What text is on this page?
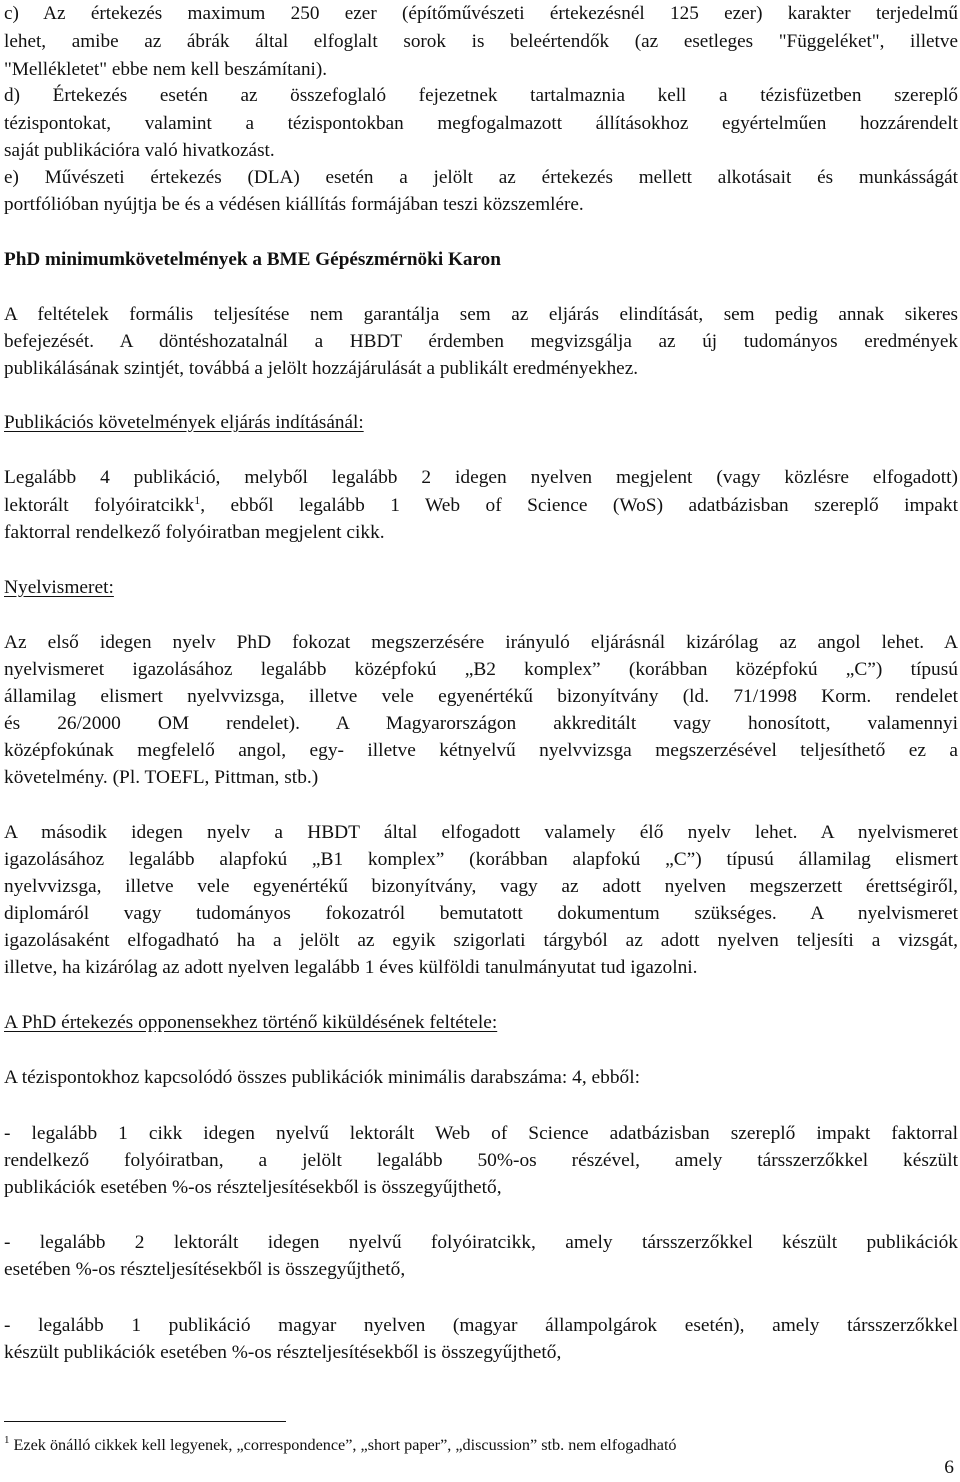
c) Az értekezés maximum 250 ezer (építőművészeti értekezésnél 125 ezer) karakter terjedelmű
lehet, amibe az ábrák által elfoglalt sorok is beleértendők (az esetleges "Függeléket", illetve
"Mellékletet" ebbe nem kell beszámítani).
d) Értekezés esetén az összefoglaló fejezetnek tartalmaznia kell a tézisfüzetben szereplő
tézispontokat, valamint a tézispontokban megfogalmazott állításokhoz egyértelműen hozzárendelt
saját publikációra való hivatkozást.
e) Művészeti értekezés (DLA) esetén a jelölt az értekezés mellett alkotásait és munkásságát
portfólióban nyújtja be és a védésen kiállítás formájában teszi közszemlére.
PhD minimumkövetelmények a BME Gépészmérnöki Karon
A feltételek formális teljesítése nem garantálja sem az eljárás elindítását, sem pedig annak sikeres
befejezését. A döntéshozatalnál a HBDT érdemben megvizsgálja az új tudományos eredmények
publikálásának szintjét, továbbá a jelölt hozzájárulását a publikált eredményekhez.
Publikációs követelmények eljárás indításánál:
Legalább 4 publikáció, melyből legalább 2 idegen nyelven megjelent (vagy közlésre elfogadott)
lektorált folyóiratcikk$^1$, ebből legalább 1 Web of Science (WoS) adatbázisban szereplő impakt
faktorral rendelkező folyóiratban megjelent cikk.
Nyelvismeret:
Az első idegen nyelv PhD fokozat megszerzésére irányuló eljárásnál kizárólag az angol lehet. A
nyelvismeret igazolásához legalább középfokú „B2 komplex” (korábban középfokú „C”) típusú
államilag elismert nyelvvizsga, illetve vele egyenértékű bizonyítvány (ld. 71/1998 Korm. rendelet
és 26/2000 OM rendelet). A Magyarországon akkreditált vagy honosított, valamennyi
középfokúnak megfelelő angol, egy- illetve kétnyelvű nyelvvizsga megszerzésével teljesíthető ez a
követelmény. (Pl. TOEFL, Pittman, stb.)
A második idegen nyelv a HBDT által elfogadott valamely élő nyelv lehet. A nyelvismeret
igazolásához legalább alapfokú „B1 komplex” (korábban alapfokú „C”) típusú államilag elismert
nyelvvizsga, illetve vele egyenértékű bizonyítvány, vagy az adott nyelven megszerzett érettségiről,
diplomáról vagy tudományos fokozatról bemutatott dokumentum szükséges. A nyelvismeret
igazolásaként elfogadható ha a jelölt az egyik szigorlati tárgyból az adott nyelven teljesíti a vizsgát,
illetve, ha kizárólag az adott nyelven legalább 1 éves külföldi tanulmányutat tud igazolni.
A PhD értekezés opponensekhez történő kiküldésének feltétele:
A tézispontokhoz kapcsolódó összes publikációk minimális darabszáma: 4, ebből:
- legalább 1 cikk idegen nyelvű lektorált Web of Science adatbázisban szereplő impakt faktorral
rendelkező folyóiratban, a jelölt legalább 50%-os részével, amely társszerzőkkel készült
publikációk esetében %-os részteljesítésekből is összegyűjthető,
- legalább 2 lektorált idegen nyelvű folyóiratcikk, amely társszerzőkkel készült publikációk
esetében %-os részteljesítésekből is összegyűjthető,
- legalább 1 publikáció magyar nyelven (magyar állampolgárok esetén), amely társszerzőkkel
készült publikációk esetében %-os részteljesítésekből is összegyűjthető,
$^1$ Ezek önálló cikkek kell legyenek, „correspondence”, „short paper”, „discussion” stb. nem elfogadható
6
